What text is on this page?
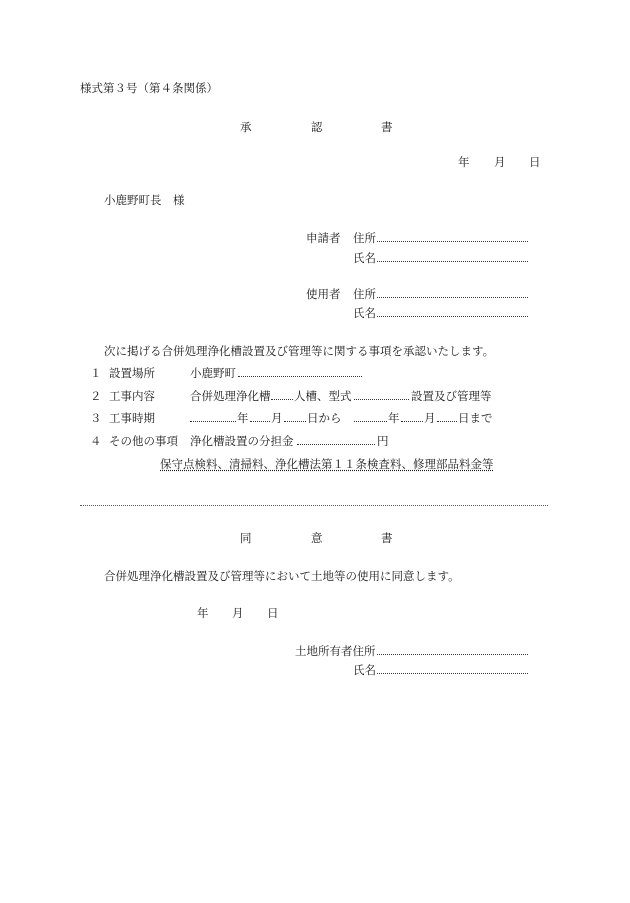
様式第３号（第４条関係）
承	認	書
年 月 日
小鹿野町長　様
申請者 住所
氏名
使用者 住所
氏名
次に掲げる合併処理浄化槽設置及び管理等に関する事項を承認いたします。
１ 設置場所	小鹿野町
２ 工事内容	合併処理浄化槽 人槽、型式	設置及び管理等
３ 工事時期	年 月 日から	年 月 日まで
４ その他の事項 浄化槽設置の分担金	円
保守点検料、清掃料、浄化槽法第１１条検査料、修理部品料金等
同	意	書
合併処理浄化槽設置及び管理等において土地等の使用に同意します。
年 月 日
土地所有者住所
氏名
